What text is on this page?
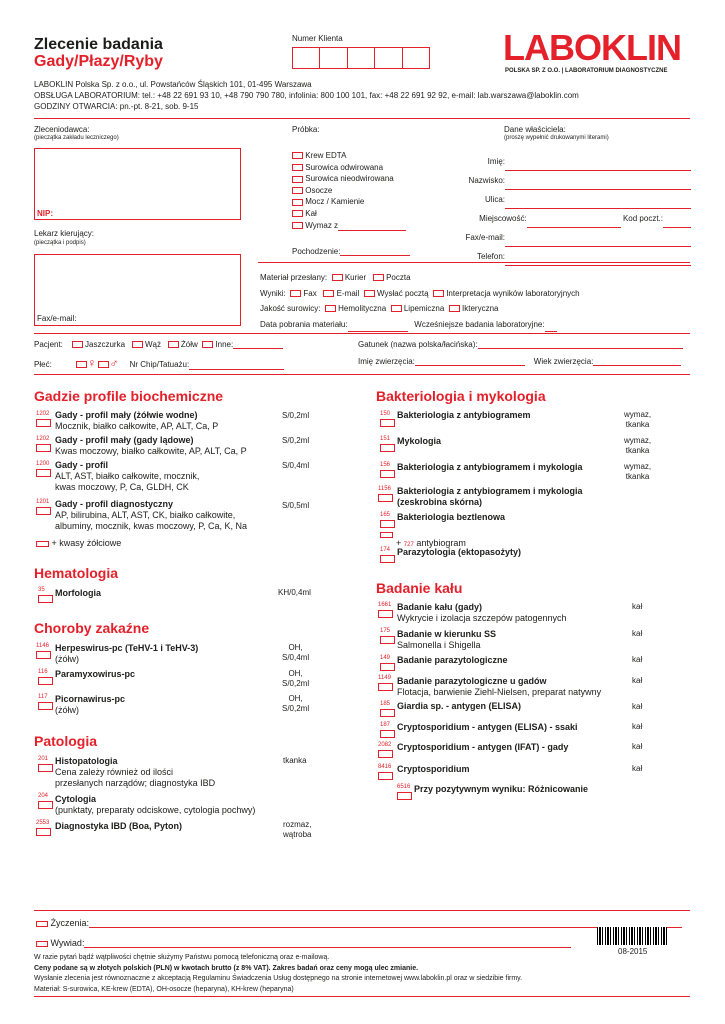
Zlecenie badania
Gady/Płazy/Ryby
Numer Klienta	LABOKLIN
POLSKA SP. Z O.O. | LABORATORIUM DIAGNOSTYCZNE
LABOKLIN Polska Sp. z o.o., ul. Powstańców Śląskich 101, 01-495 Warszawa
OBSŁUGA LABORATORIUM: tel.: +48 22 691 93 10, +48 790 790 780, infolinia: 800 100 101, fax: +48 22 691 92 92, e-mail: lab.warszawa@laboklin.com
GODZINY OTWARCIA: pn.-pt. 8-21, sob. 9-15
Zleceniodawca:
(pieczątka zakładu leczniczego)
NIP:
Lekarz kierujący:
(pieczątka i podpis)
Fax/e-mail:
Próbka:
Krew EDTA
Surowica odwirowana
Surowica nieodwirowana
Osocze
Mocz / Kamienie
Kał
Wymaz z
Pochodzenie:
Dane właściciela:
(proszę wypełnić drukowanymi literami)
Imię:
Nazwisko:
Ulica:
Miejscowość:	Kod poczt.:
Fax/e-mail:
Telefon:
Materiał przesłany: Kurier Poczta
Wyniki: Fax E-mail Wysłać pocztą Interpretacja wyników laboratoryjnych
Jakość surowicy: Hemolityczna Lipemiczna Ikteryczna
Data pobrania materiału:	Wcześniejsze badania laboratoryjne:
Pacjent:	Jaszczurka Wąż Żółw Inne:	Gatunek (nazwa polska/łacińska):
Płeć:	♀ ♂ Nr Chip/Tatuażu:	Imię zwierzęcia:	Wiek zwierzęcia:
Gadzie profile biochemiczne
1202 Gady - profil mały (żółwie wodne)
Mocznik, białko całkowite, AP, ALT, Ca, P
S/0,2ml
1202 Gady - profil mały (gady lądowe)
Kwas moczowy, białko całkowite, AP, ALT, Ca, P
S/0,2ml
1200 Gady - profil
ALT, AST, białko całkowite, mocznik,
kwas moczowy, P, Ca, GLDH, CK
S/0,4ml
1201 Gady - profil diagnostyczny
AP, bilirubina, ALT, AST, CK, białko całkowite,
albuminy, mocznik, kwas moczowy, P, Ca, K, Na
S/0,5ml
+ kwasy żółciowe
Hematologia
35 Morfologia	KH/0,4ml
Choroby zakaźne
1146 Herpeswirus-pc (TeHV-1 i TeHV-3)
(żółw)
OH,
S/0,4ml
116 Paramyxowirus-pc	OH,
S/0,2ml
117 Picornawirus-pc
(żółw)
OH,
S/0,2ml
Patologia
201 Histopatologia
Cena zależy również od ilości
przesłanych narządów; diagnostyka IBD
tkanka
204 Cytologia
(punktaty, preparaty odciskowe, cytologia pochwy)
2553 Diagnostyka IBD (Boa, Pyton)	rozmaz,
wątroba
Bakteriologia i mykologia
150 Bakteriologia z antybiogramem	wymaz,
tkanka
151 Mykologia	wymaz,
tkanka
156 Bakteriologia z antybiogramem i mykologia	wymaz,
tkanka
1156 Bakteriologia z antybiogramem i mykologia
(zeskrobina skórna)
165 Bakteriologia beztlenowa

+ 727 antybiogram
174 Parazytologia (ektopasożyty)
Badanie kału
1661 Badanie kału (gady)
Wykrycie i izolacja szczepów patogennych
kał
175 Badanie w kierunku SS
Salmonella i Shigella
kał
149 Badanie parazytologiczne	kał
1149 Badanie parazytologiczne u gadów
Flotacja, barwienie Ziehl-Nielsen, preparat natywny
kał
185 Giardia sp. - antygen (ELISA)	kał
187 Cryptosporidium - antygen (ELISA) - ssaki	kał
2082 Cryptosporidium - antygen (IFAT) - gady	kał
8416 Cryptosporidium	kał
6516 Przy pozytywnym wyniku: Różnicowanie
Życzenia:
Wywiad:
08-2015
W razie pytań bądź wątpliwości chętnie służymy Państwu pomocą telefoniczną oraz e-mailową.
Ceny podane są w złotych polskich (PLN) w kwotach brutto (z 8% VAT). Zakres badań oraz ceny mogą ulec zmianie.
Wysłanie zlecenia jest równoznaczne z akceptacją Regulaminu Świadczenia Usług dostępnego na stronie internetowej www.laboklin.pl oraz w siedzibie firmy.
Materiał: S-surowica, KE-krew (EDTA), OH-osocze (heparyna), KH-krew (heparyna)
